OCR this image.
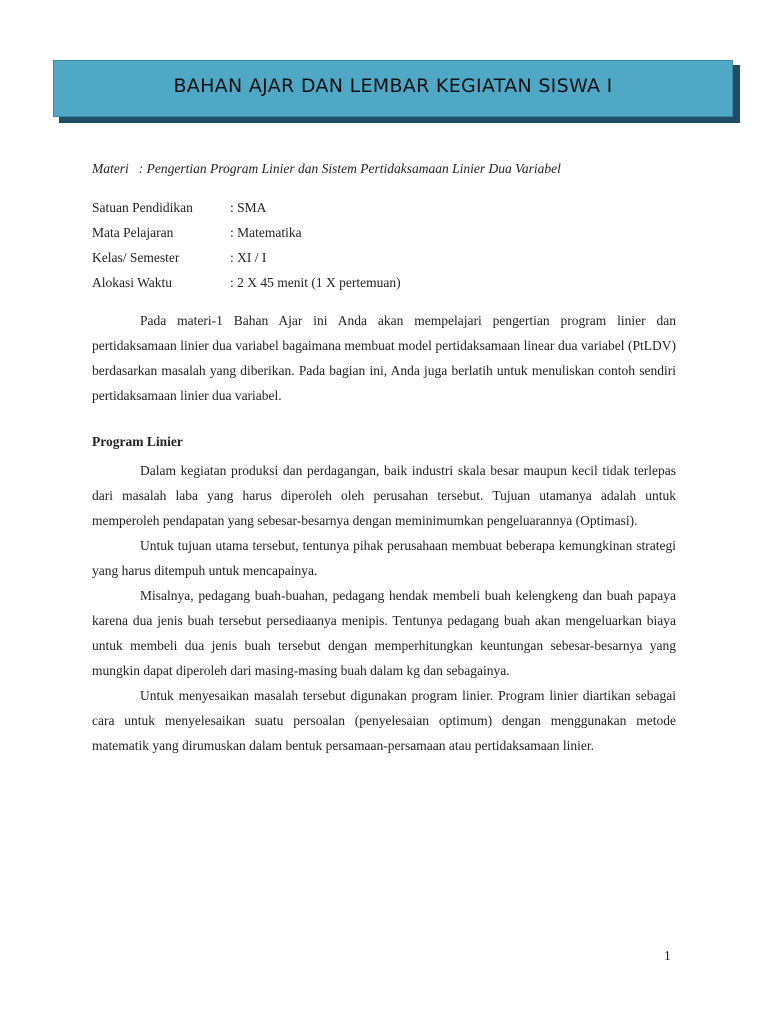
BAHAN AJAR DAN LEMBAR KEGIATAN SISWA I
Materi : Pengertian Program Linier dan Sistem Pertidaksamaan Linier Dua Variabel
Satuan Pendidikan	: SMA
Mata Pelajaran	: Matematika
Kelas/ Semester	: XI / I
Alokasi Waktu	: 2 X 45 menit (1 X pertemuan)

Pada materi-1 Bahan Ajar ini Anda akan mempelajari pengertian program linier dan pertidaksamaan linier dua variabel bagaimana membuat model pertidaksamaan linear dua variabel (PtLDV) berdasarkan masalah yang diberikan. Pada bagian ini, Anda juga berlatih untuk menuliskan contoh sendiri pertidaksamaan linier dua variabel.

Program Linier

Dalam kegiatan produksi dan perdagangan, baik industri skala besar maupun kecil tidak terlepas dari masalah laba yang harus diperoleh oleh perusahan tersebut. Tujuan utamanya adalah untuk memperoleh pendapatan yang sebesar-besarnya dengan meminimumkan pengeluarannya (Optimasi).

Untuk tujuan utama tersebut, tentunya pihak perusahaan membuat beberapa kemungkinan strategi yang harus ditempuh untuk mencapainya.

Misalnya, pedagang buah-buahan, pedagang hendak membeli buah kelengkeng dan buah papaya karena dua jenis buah tersebut persediaanya menipis. Tentunya pedagang buah akan mengeluarkan biaya untuk membeli dua jenis buah tersebut dengan memperhitungkan keuntungan sebesar-besarnya yang mungkin dapat diperoleh dari masing-masing buah dalam kg dan sebagainya.

Untuk menyesaikan masalah tersebut digunakan program linier. Program linier diartikan sebagai cara untuk menyelesaikan suatu persoalan (penyelesaian optimum) dengan menggunakan metode matematik yang dirumuskan dalam bentuk persamaan-persamaan atau pertidaksamaan linier.

1
